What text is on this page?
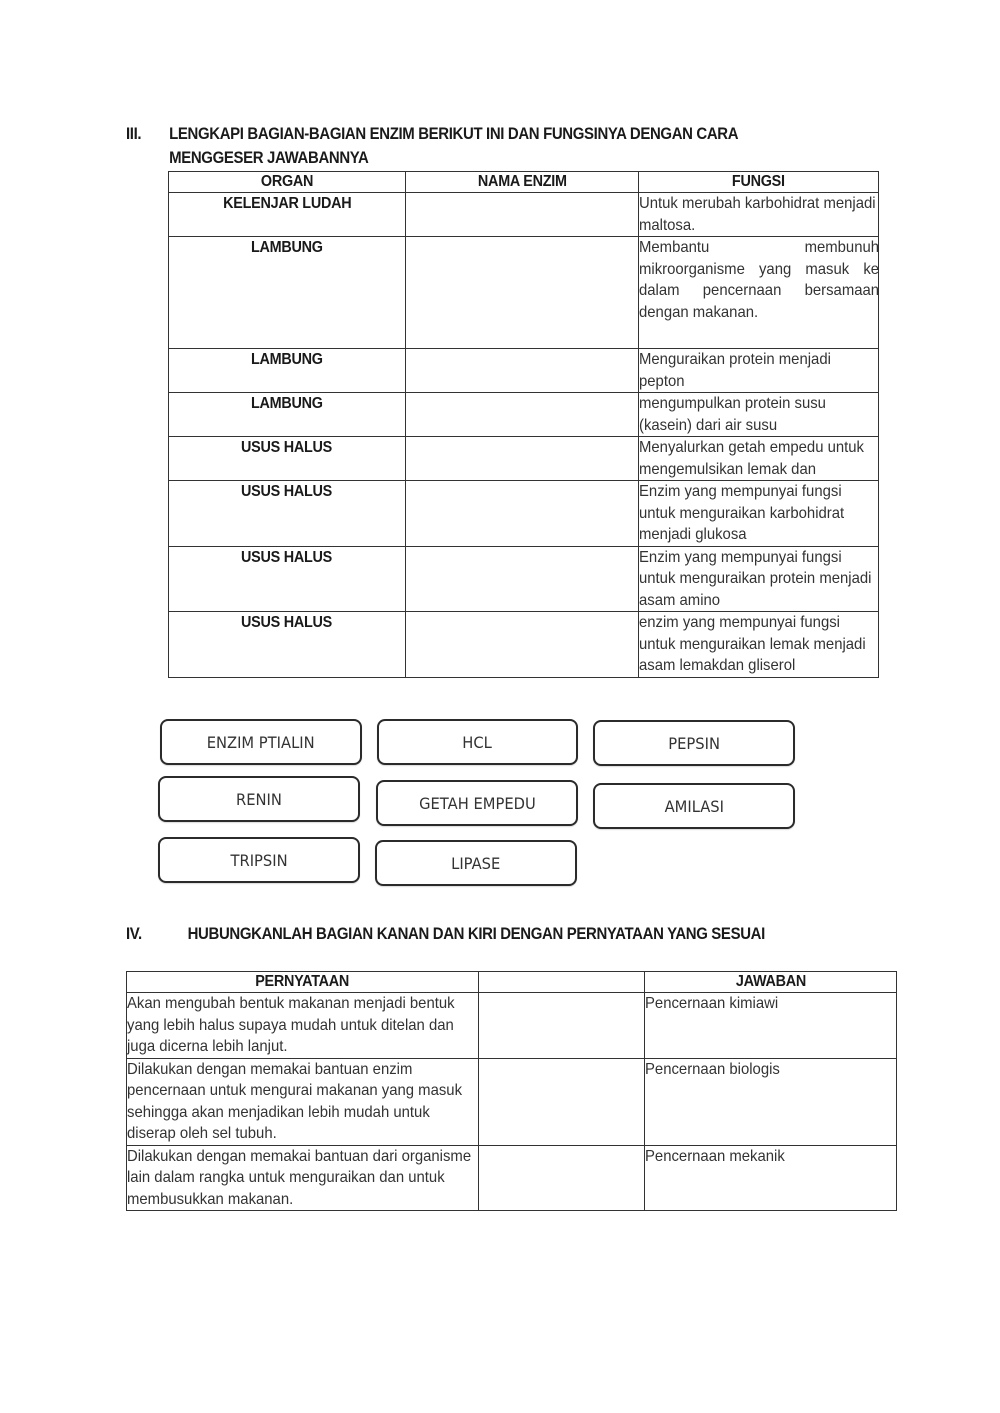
III. LENGKAPI BAGIAN-BAGIAN ENZIM BERIKUT INI DAN FUNGSINYA DENGAN CARA
MENGGESER JAWABANNYA
ORGAN	NAMA ENZIM	FUNGSI
KELENJAR LUDAH		Untuk merubah karbohidrat menjadi maltosa.

LAMBUNG		Membantu membunuh mikroorganisme yang masuk ke dalam pencernaan bersamaan dengan makanan.

LAMBUNG		Menguraikan protein menjadi pepton

LAMBUNG		mengumpulkan protein susu (kasein) dari air susu

USUS HALUS		Menyalurkan getah empedu untuk mengemulsikan lemak dan

USUS HALUS		Enzim yang mempunyai fungsi untuk menguraikan karbohidrat menjadi glukosa

USUS HALUS		Enzim yang mempunyai fungsi untuk menguraikan protein menjadi asam amino

USUS HALUS		enzim yang mempunyai fungsi untuk menguraikan lemak menjadi asam lemakdan gliserol
ENZIM PTIALIN	HCL	PEPSIN
RENIN	GETAH EMPEDU	AMILASI
TRIPSIN	LIPASE
IV.	HUBUNGKANLAH BAGIAN KANAN DAN KIRI DENGAN PERNYATAAN YANG SESUAI
PERNYATAAN		JAWABAN

Akan mengubah bentuk makanan menjadi bentuk yang lebih halus supaya mudah untuk ditelan dan juga dicerna lebih lanjut.		Pencernaan kimiawi

Dilakukan dengan memakai bantuan enzim pencernaan untuk mengurai makanan yang masuk sehingga akan menjadikan lebih mudah untuk diserap oleh sel tubuh.		Pencernaan biologis

Dilakukan dengan memakai bantuan dari organisme lain dalam rangka untuk menguraikan dan untuk membusukkan makanan.		Pencernaan mekanik
